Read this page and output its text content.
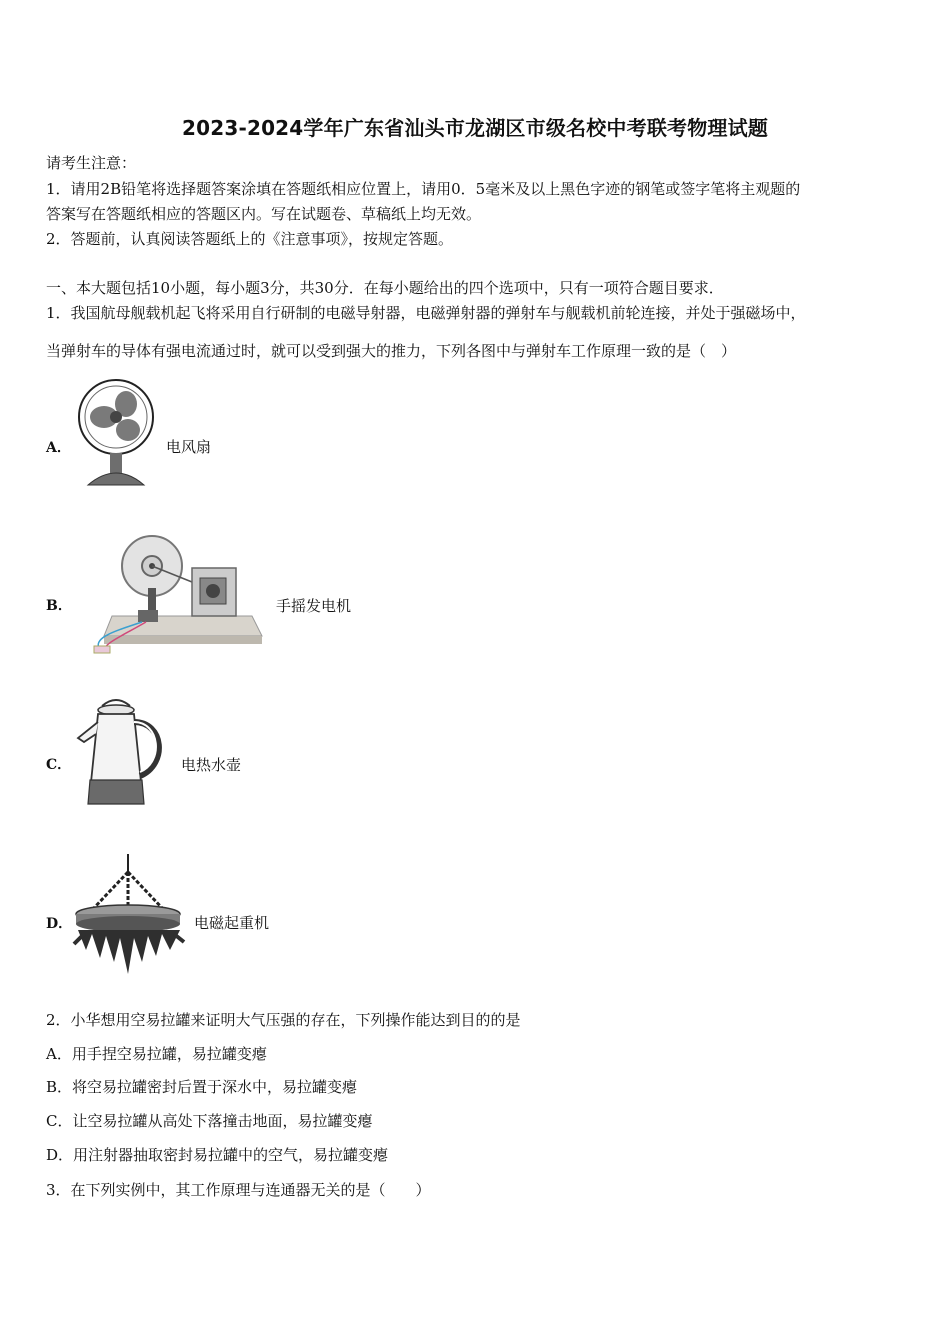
2023-2024学年广东省汕头市龙湖区市级名校中考联考物理试题
请考生注意：
1．请用2B铅笔将选择题答案涂填在答题纸相应位置上，请用0．5毫米及以上黑色字迹的钢笔或签字笔将主观题的
答案写在答题纸相应的答题区内。写在试题卷、草稿纸上均无效。
2．答题前，认真阅读答题纸上的《注意事项》，按规定答题。
一、本大题包括10小题，每小题3分，共30分．在每小题给出的四个选项中，只有一项符合题目要求．
1．我国航母舰载机起飞将采用自行研制的电磁导射器，电磁弹射器的弹射车与舰载机前轮连接，并处于强磁场中，
当弹射车的导体有强电流通过时，就可以受到强大的推力，下列各图中与弹射车工作原理一致的是（　）
A．	电风扇
B．	手摇发电机
C．	电热水壶
D．	电磁起重机
2．小华想用空易拉罐来证明大气压强的存在，下列操作能达到目的的是
A．用手捏空易拉罐，易拉罐变瘪
B．将空易拉罐密封后置于深水中，易拉罐变瘪
C．让空易拉罐从高处下落撞击地面，易拉罐变瘪
D．用注射器抽取密封易拉罐中的空气，易拉罐变瘪
3．在下列实例中，其工作原理与连通器无关的是（　　）
